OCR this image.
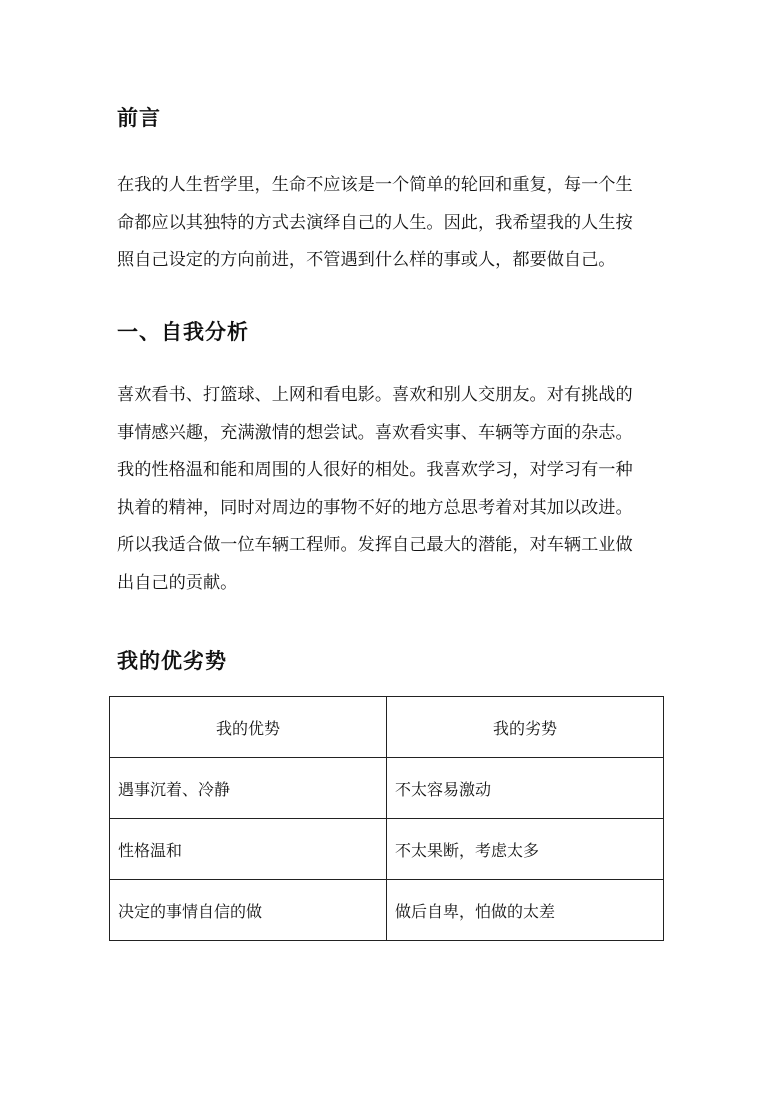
前言
在我的人生哲学里，生命不应该是一个简单的轮回和重复，每一个生
命都应以其独特的方式去演绎自己的人生。因此，我希望我的人生按
照自己设定的方向前进，不管遇到什么样的事或人，都要做自己。
一、自我分析
喜欢看书、打篮球、上网和看电影。喜欢和别人交朋友。对有挑战的
事情感兴趣，充满激情的想尝试。喜欢看实事、车辆等方面的杂志。
我的性格温和能和周围的人很好的相处。我喜欢学习，对学习有一种
执着的精神，同时对周边的事物不好的地方总思考着对其加以改进。
所以我适合做一位车辆工程师。发挥自己最大的潜能，对车辆工业做
出自己的贡献。
我的优劣势
我的优势	我的劣势
遇事沉着、冷静	不太容易激动
性格温和	不太果断，考虑太多
决定的事情自信的做	做后自卑，怕做的太差
